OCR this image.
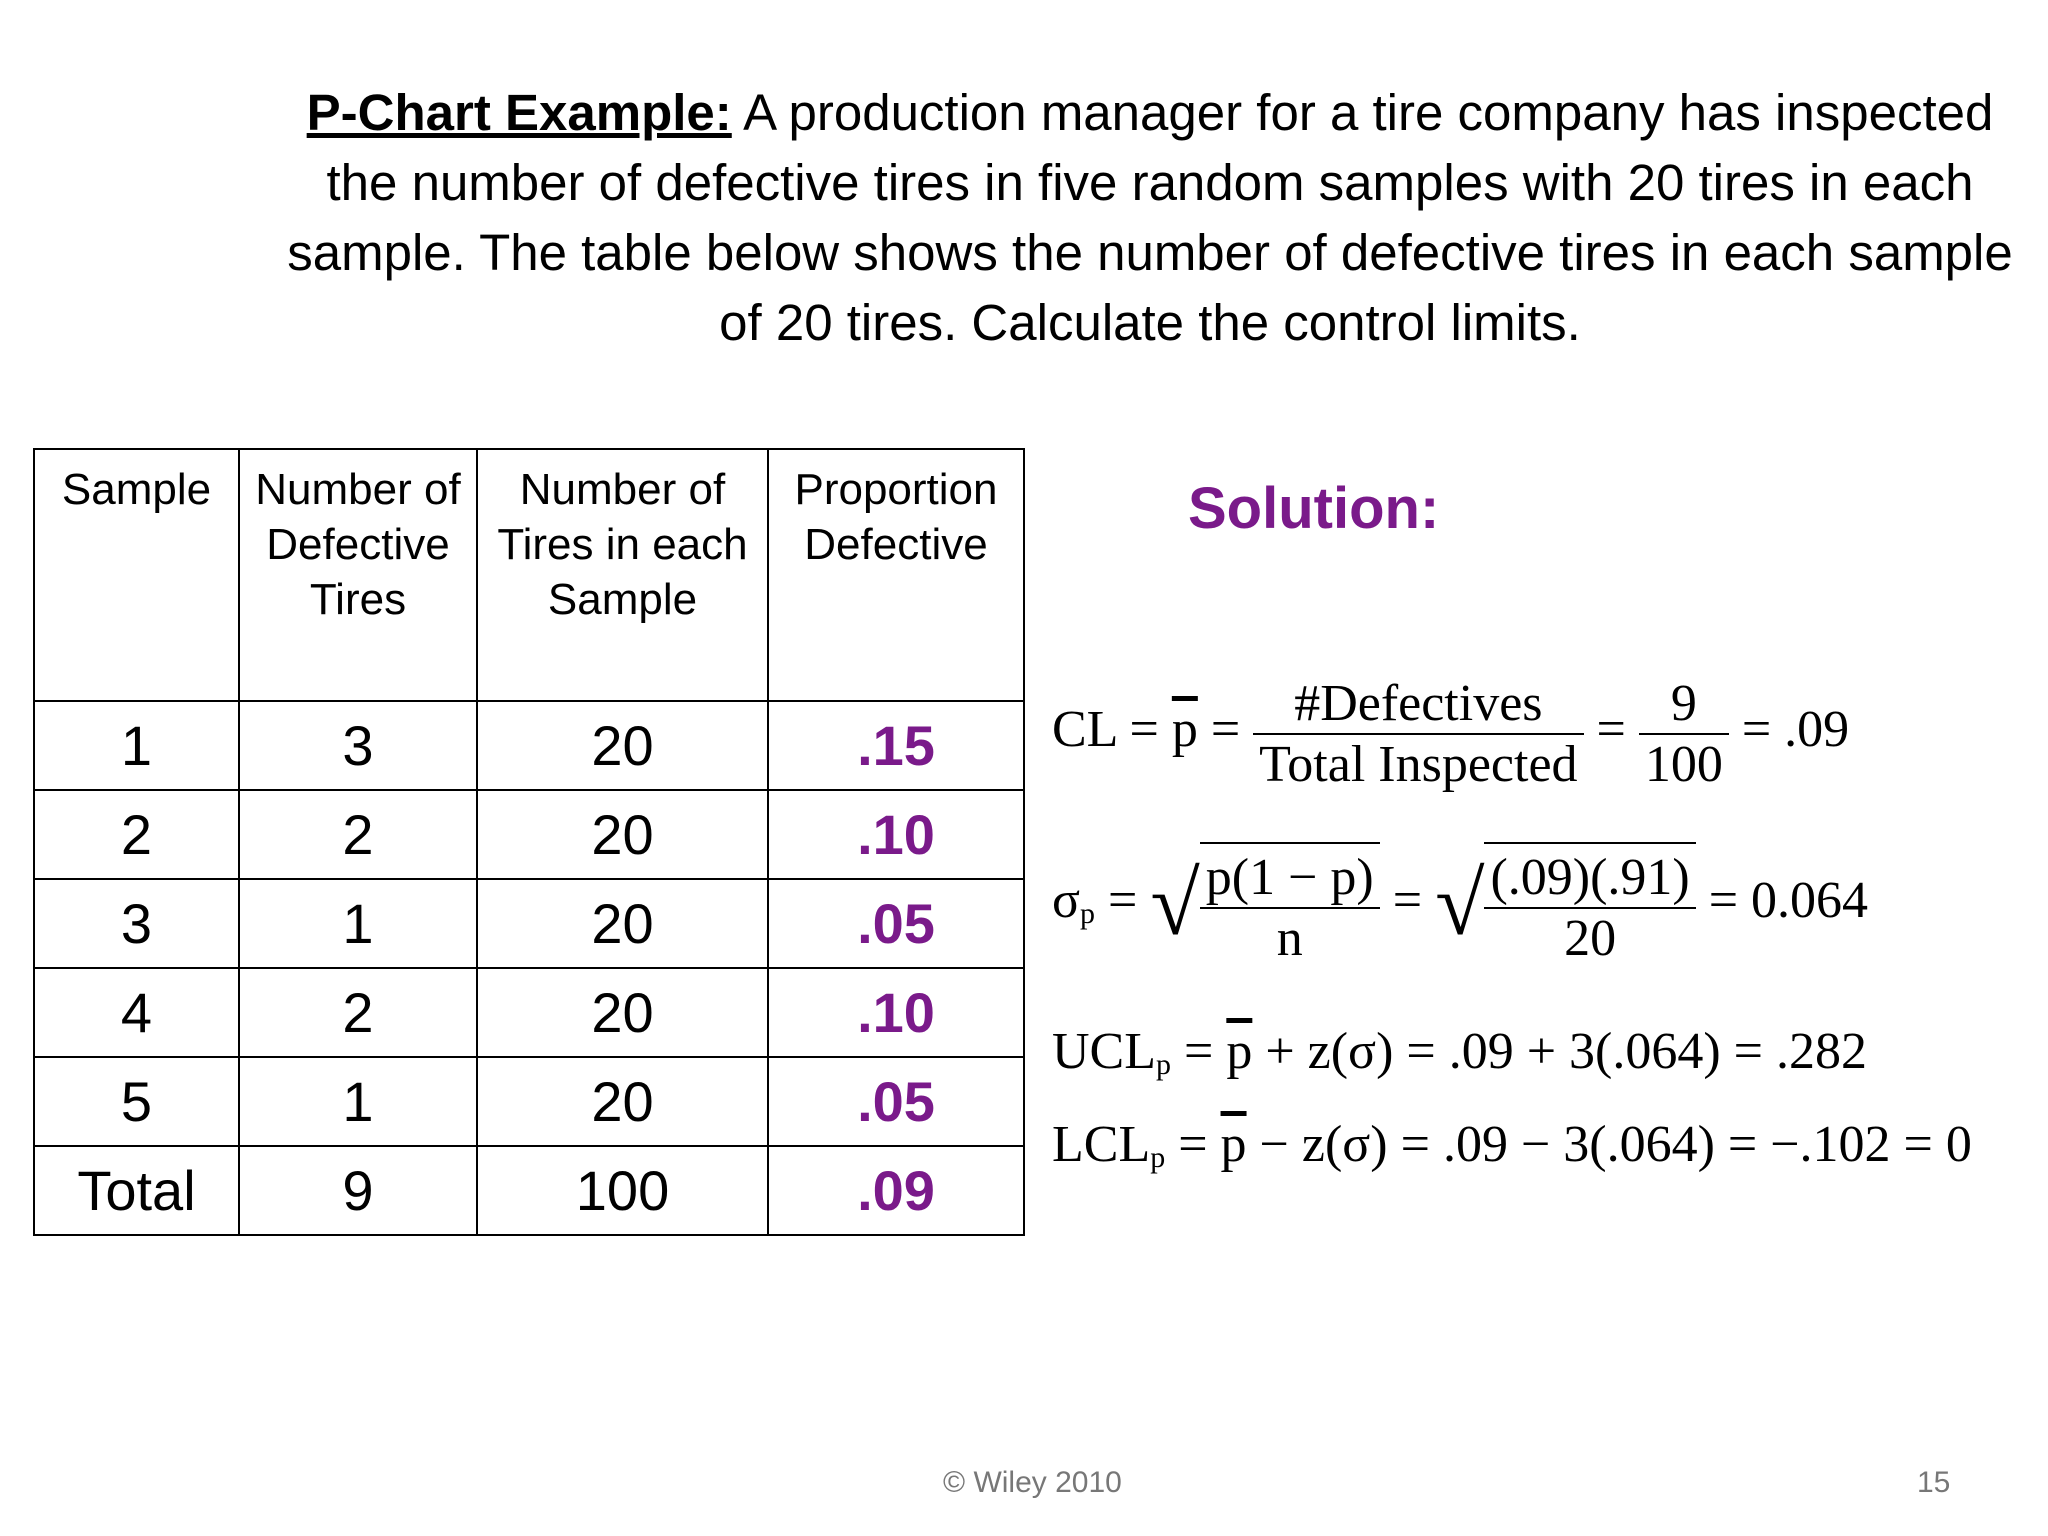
P-Chart Example: A production manager for a tire company has inspected the number of defective tires in five random samples with 20 tires in each sample. The table below shows the number of defective tires in each sample of 20 tires. Calculate the control limits.
Sample	Number of Defective Tires	Number of Tires in each Sample	Proportion Defective
1	3	20	.15
2	2	20	.10
3	1	20	.05
4	2	20	.10
5	1	20	.05
Total	9	100	.09
Solution:
CL = $\overline{p} = \frac{\text{\#Defectives}}{\text{Total Inspected}} = \frac{9}{100} = .09$
$\sigma_p$ = √ $\frac{p(1 - p)}{n}$ = √ $\frac{(.09)(.91)}{20} = 0.064$
$UCL_p = \overline{p} + z(\sigma) = .09 + 3(.064) = .282$
$LCL_p = \overline{p} - z(\sigma) = .09 - 3(.064) = -.102 = 0$
© Wiley 2010	15
